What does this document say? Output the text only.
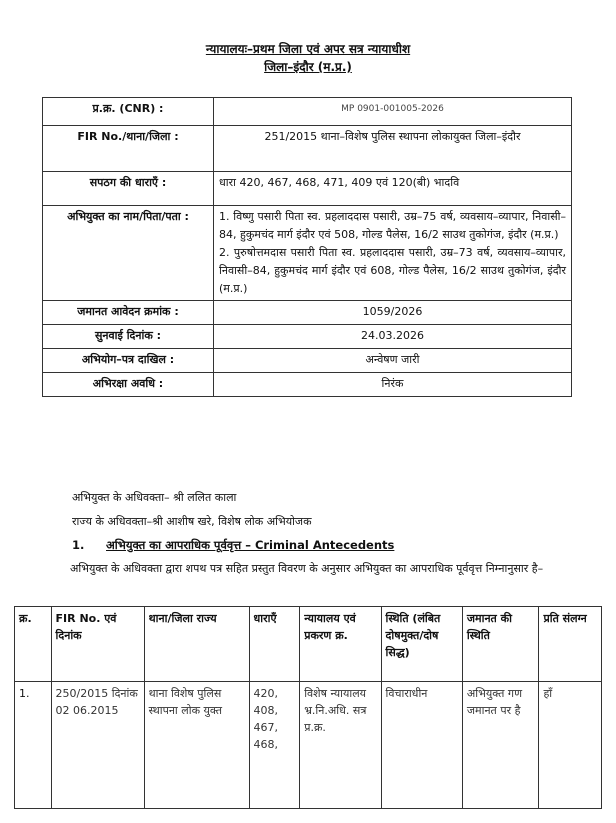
न्यायालयः–प्रथम जिला एवं अपर सत्र न्यायाधीश
जिला–इंदौर (म.प्र.)
प्र.क्र. (CNR) :	MP 0901-001005-2026
FIR No./थाना/जिला :	251/2015 थाना–विशेष पुलिस स्थापना लोकायुक्त जिला–इंदौर
सपठग की धाराएँ :	धारा 420, 467, 468, 471, 409 एवं 120(बी) भादवि
अभियुक्त का नाम/पिता/पता :	1. विष्णु पसारी पिता स्व. प्रहलाददास पसारी, उम्र–75 वर्ष, व्यवसाय–व्यापार, निवासी–84, हुकुमचंद मार्ग इंदौर एवं 508, गोल्ड पैलेस, 16/2 साउथ तुकोगंज, इंदौर (म.प्र.)
2. पुरुषोत्तमदास पसारी पिता स्व. प्रहलाददास पसारी, उम्र–73 वर्ष, व्यवसाय–व्यापार, निवासी–84, हुकुमचंद मार्ग इंदौर एवं 608, गोल्ड पैलेस, 16/2 साउथ तुकोगंज, इंदौर (म.प्र.)
जमानत आवेदन क्रमांक :	1059/2026
सुनवाई दिनांक :	24.03.2026
अभियोग–पत्र दाखिल :	अन्वेषण जारी
अभिरक्षा अवधि :	निरंक
अभियुक्त के अधिवक्ता– श्री ललित काला
राज्य के अधिवक्ता–श्री आशीष खरे, विशेष लोक अभियोजक
1. अभियुक्त का आपराधिक पूर्ववृत्त – Criminal Antecedents
अभियुक्त के अधिवक्ता द्वारा शपथ पत्र सहित प्रस्तुत विवरण के अनुसार अभियुक्त का आपराधिक पूर्ववृत्त निम्नानुसार है–
क्र.	FIR No. एवं दिनांक	थाना/जिला राज्य	धाराएँ	न्यायालय एवं प्रकरण क्र.	स्थिति (लंबित दोषमुक्त/दोष सिद्ध)	जमानत की स्थिति	प्रति संलग्न
1.	250/2015 दिनांक 02 06.2015	थाना विशेष पुलिस स्थापना लोक युक्त	420, 408, 467, 468,	विशेष न्यायालय भ्र.नि.अधि. सत्र प्र.क्र.	विचाराधीन	अभियुक्त गण जमानत पर है	हाँ
